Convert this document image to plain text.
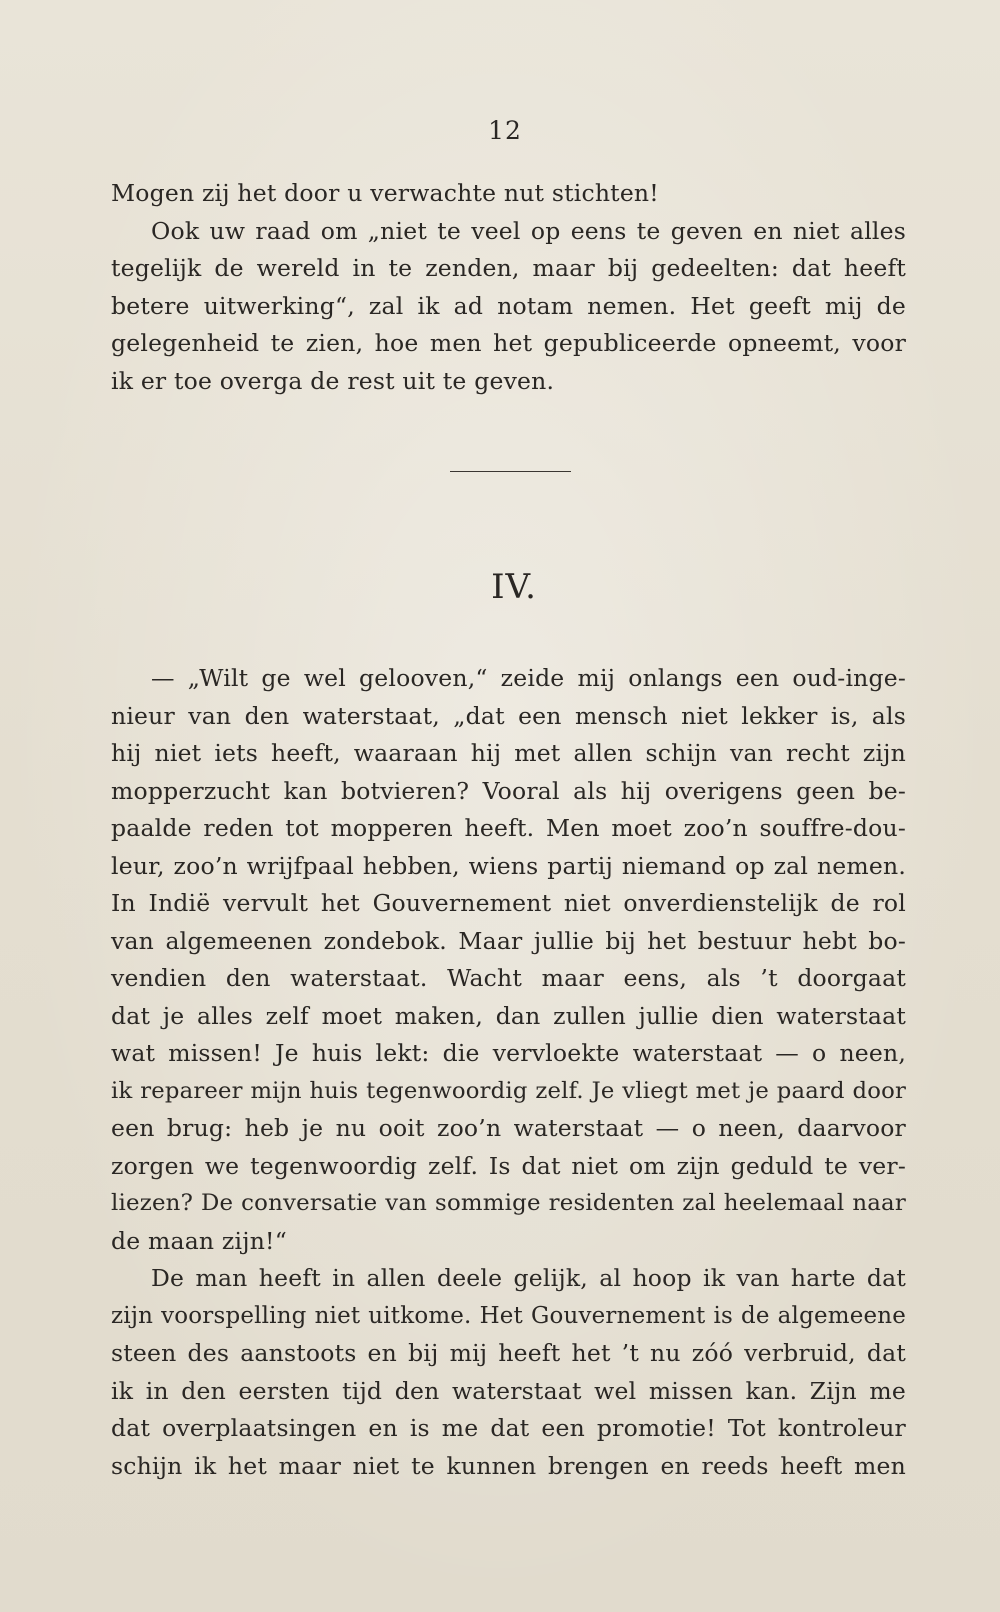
12
Mogen zij het door u verwachte nut stichten!
Ook uw raad om „niet te veel op eens te geven en niet alles
tegelijk de wereld in te zenden, maar bij gedeelten: dat heeft
betere uitwerking“, zal ik ad notam nemen. Het geeft mij de
gelegenheid te zien, hoe men het gepubliceerde opneemt, voor
ik er toe overga de rest uit te geven.
IV.
— „Wilt ge wel gelooven,“ zeide mij onlangs een oud-inge-
nieur van den waterstaat, „dat een mensch niet lekker is, als
hij niet iets heeft, waaraan hij met allen schijn van recht zijn
mopperzucht kan botvieren? Vooral als hij overigens geen be-
paalde reden tot mopperen heeft. Men moet zoo’n souffre-dou-
leur, zoo’n wrijfpaal hebben, wiens partij niemand op zal nemen.
In Indië vervult het Gouvernement niet onverdienstelijk de rol
van algemeenen zondebok. Maar jullie bij het bestuur hebt bo-
vendien den waterstaat. Wacht maar eens, als ’t doorgaat
dat je alles zelf moet maken, dan zullen jullie dien waterstaat
wat missen! Je huis lekt: die vervloekte waterstaat — o neen,
ik repareer mijn huis tegenwoordig zelf. Je vliegt met je paard door
een brug: heb je nu ooit zoo’n waterstaat — o neen, daarvoor
zorgen we tegenwoordig zelf. Is dat niet om zijn geduld te ver-
liezen? De conversatie van sommige residenten zal heelemaal naar
de maan zijn!“
De man heeft in allen deele gelijk, al hoop ik van harte dat
zijn voorspelling niet uitkome. Het Gouvernement is de algemeene
steen des aanstoots en bij mij heeft het ’t nu zóó verbruid, dat
ik in den eersten tijd den waterstaat wel missen kan. Zijn me
dat overplaatsingen en is me dat een promotie! Tot kontroleur
schijn ik het maar niet te kunnen brengen en reeds heeft men
